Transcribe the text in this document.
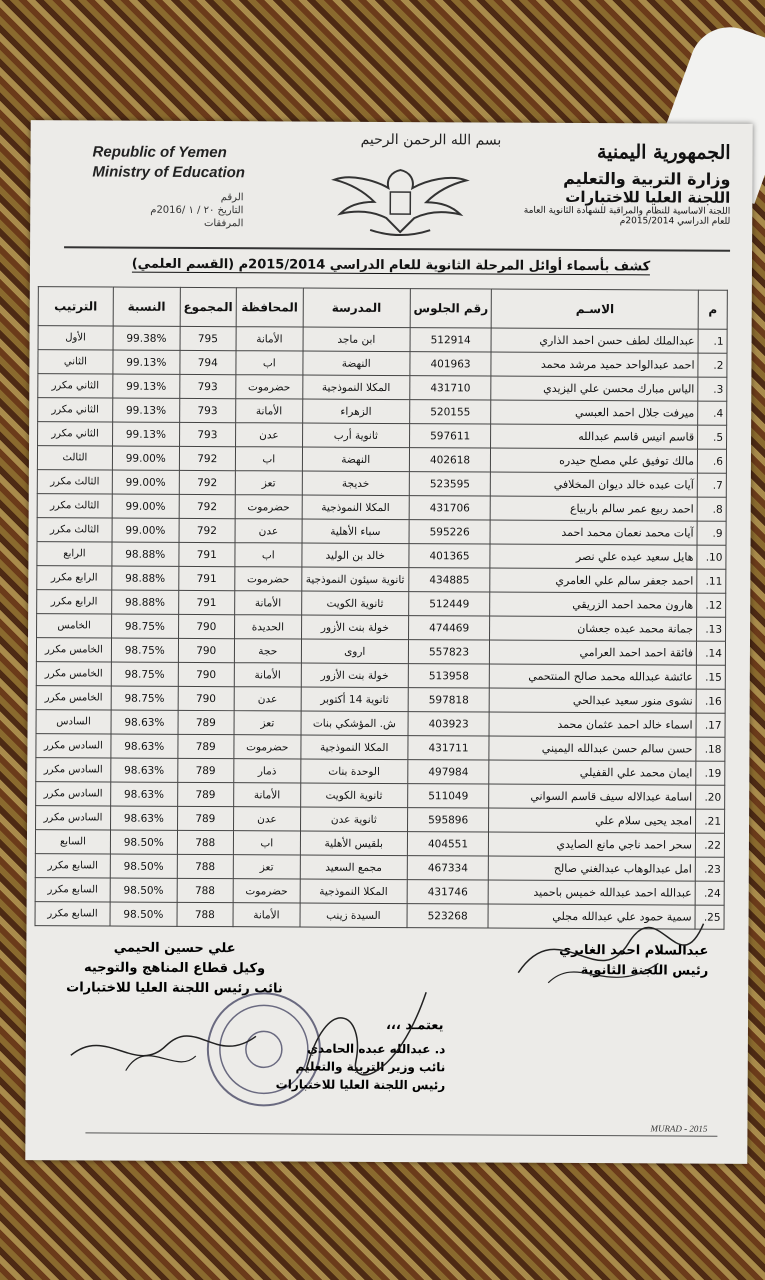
بسم الله الرحمن الرحيم
Republic of Yemen
Ministry of Education
الرقم
التاريخ ٢٠ / ١ /2016م
المرفقات
الجمهورية اليمنية
وزارة التربية والتعليم
اللجنة العليا للاختبارات
اللجنة الاساسية للنظام والمراقبة للشهادة الثانوية العامة
للعام الدراسي 2015/2014م
كشف بأسماء أوائل المرحلة الثانوية للعام الدراسي 2015/2014م (القسم العلمي)
م	الاسـم	رقم الجلوس	المدرسة	المحافظة	المجموع	النسبة	الترتيب
1.	عبدالملك لطف حسن احمد الذاري	512914	ابن ماجد	الأمانة	795	99.38%	الأول
2.	احمد عبدالواحد حميد مرشد محمد	401963	النهضة	اب	794	99.13%	الثاني
3.	الياس مبارك محسن علي اليزيدي	431710	المكلا النموذجية	حضرموت	793	99.13%	الثاني مكرر
4.	ميرفت جلال احمد العبسي	520155	الزهراء	الأمانة	793	99.13%	الثاني مكرر
5.	قاسم انيس قاسم عبدالله	597611	ثانوية أرب	عدن	793	99.13%	الثاني مكرر
6.	مالك توفيق علي مصلح حيدره	402618	النهضة	اب	792	99.00%	الثالث
7.	آيات عبده خالد ديوان المخلافي	523595	خديجة	تعز	792	99.00%	الثالث مكرر
8.	احمد ربيع عمر سالم باربياع	431706	المكلا النموذجية	حضرموت	792	99.00%	الثالث مكرر
9.	آيات محمد نعمان محمد احمد	595226	سباء الأهلية	عدن	792	99.00%	الثالث مكرر
10.	هايل سعيد عبده علي نصر	401365	خالد بن الوليد	اب	791	98.88%	الرابع
11.	احمد جعفر سالم علي العامري	434885	ثانوية سيئون النموذجية	حضرموت	791	98.88%	الرابع مكرر
12.	هارون محمد احمد الزريقي	512449	ثانوية الكويت	الأمانة	791	98.88%	الرابع مكرر
13.	جمانة محمد عبده جعشان	474469	خولة بنت الأزور	الحديدة	790	98.75%	الخامس
14.	فائقة احمد احمد العرامي	557823	اروى	حجة	790	98.75%	الخامس مكرر
15.	عائشة عبدالله محمد صالح المنتحمي	513958	خولة بنت الأزور	الأمانة	790	98.75%	الخامس مكرر
16.	نشوى منور سعيد عبدالحي	597818	ثانوية 14 أكتوبر	عدن	790	98.75%	الخامس مكرر
17.	اسماء خالد احمد عثمان محمد	403923	ش. المؤشكي بنات	تعز	789	98.63%	السادس
18.	حسن سالم حسن عبدالله اليميني	431711	المكلا النموذجية	حضرموت	789	98.63%	السادس مكرر
19.	ايمان محمد علي القفيلي	497984	الوحدة بنات	ذمار	789	98.63%	السادس مكرر
20.	اسامة عبدالاله سيف قاسم السواني	511049	ثانوية الكويت	الأمانة	789	98.63%	السادس مكرر
21.	امجد يحيى سلام علي	595896	ثانوية عدن	عدن	789	98.63%	السادس مكرر
22.	سحر احمد ناجي مانع الصايدي	404551	بلقيس الأهلية	اب	788	98.50%	السابع
23.	امل عبدالوهاب عبدالغني صالح	467334	مجمع السعيد	تعز	788	98.50%	السابع مكرر
24.	عبدالله احمد عبدالله خميس باحميد	431746	المكلا النموذجية	حضرموت	788	98.50%	السابع مكرر
25.	سمية حمود علي عبدالله مجلي	523268	السيدة زينب	الأمانة	788	98.50%	السابع مكرر
عبدالسلام احمد الغابري
رئيس اللجنة الثانوية
علي حسين الحيمي
وكيل قطاع المناهج والتوجيه
نائب رئيس اللجنة العليا للاختبارات
يعتمـد ،،،
د. عبدالله عبده الحامدي
نائب وزير التربية والتعليم
رئيس اللجنة العليا للاختبارات
MURAD - 2015
